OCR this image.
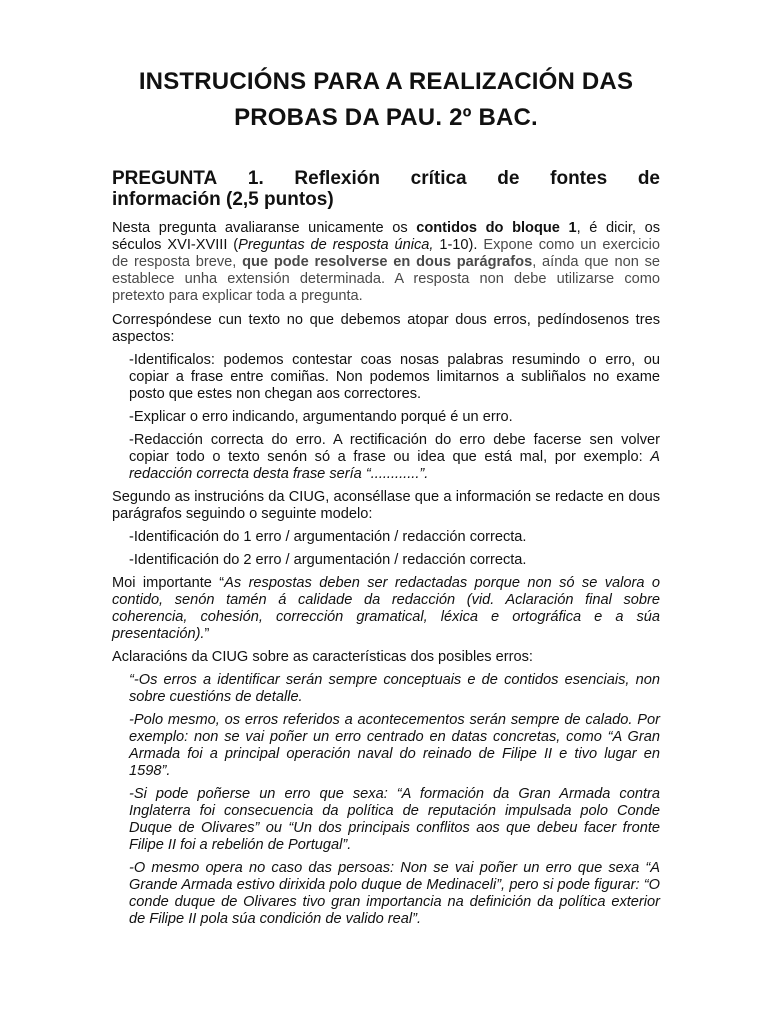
INSTRUCIÓNS PARA A REALIZACIÓN DAS
PROBAS DA PAU. 2º BAC.
PREGUNTA 1. Reflexión crítica de fontes de
información (2,5 puntos)

Nesta pregunta avaliaranse unicamente os contidos do bloque 1, é dicir, os séculos XVI-XVIII (Preguntas de resposta única, 1-10). Expone como un exercicio de resposta breve, que pode resolverse en dous parágrafos, aínda que non se establece unha extensión determinada. A resposta non debe utilizarse como pretexto para explicar toda a pregunta.

Correspóndese cun texto no que debemos atopar dous erros, pedíndosenos tres aspectos:

-Identificalos: podemos contestar coas nosas palabras resumindo o erro, ou copiar a frase entre comiñas. Non podemos limitarnos a subliñalos no exame posto que estes non chegan aos correctores.

-Explicar o erro indicando, argumentando porqué é un erro.

-Redacción correcta do erro. A rectificación do erro debe facerse sen volver copiar todo o texto senón só a frase ou idea que está mal, por exemplo: A redacción correcta desta frase sería “............”.

Segundo as instrucións da CIUG, aconséllase que a información se redacte en dous parágrafos seguindo o seguinte modelo:

-Identificación do 1 erro / argumentación / redacción correcta.

-Identificación do 2 erro / argumentación / redacción correcta.

Moi importante “As respostas deben ser redactadas porque non só se valora o contido, senón tamén á calidade da redacción (vid. Aclaración final sobre coherencia, cohesión, corrección gramatical, léxica e ortográfica e a súa presentación).”

Aclaracións da CIUG sobre as características dos posibles erros:

“-Os erros a identificar serán sempre conceptuais e de contidos esenciais, non sobre cuestións de detalle.

-Polo mesmo, os erros referidos a acontecementos serán sempre de calado. Por exemplo: non se vai poñer un erro centrado en datas concretas, como “A Gran Armada foi a principal operación naval do reinado de Filipe II e tivo lugar en 1598”.

-Si pode poñerse un erro que sexa: “A formación da Gran Armada contra Inglaterra foi consecuencia da política de reputación impulsada polo Conde Duque de Olivares” ou “Un dos principais conflitos aos que debeu facer fronte Filipe II foi a rebelión de Portugal”.

-O mesmo opera no caso das persoas: Non se vai poñer un erro que sexa “A Grande Armada estivo dirixida polo duque de Medinaceli”, pero si pode figurar: “O conde duque de Olivares tivo gran importancia na definición da política exterior de Filipe II pola súa condición de valido real”.
